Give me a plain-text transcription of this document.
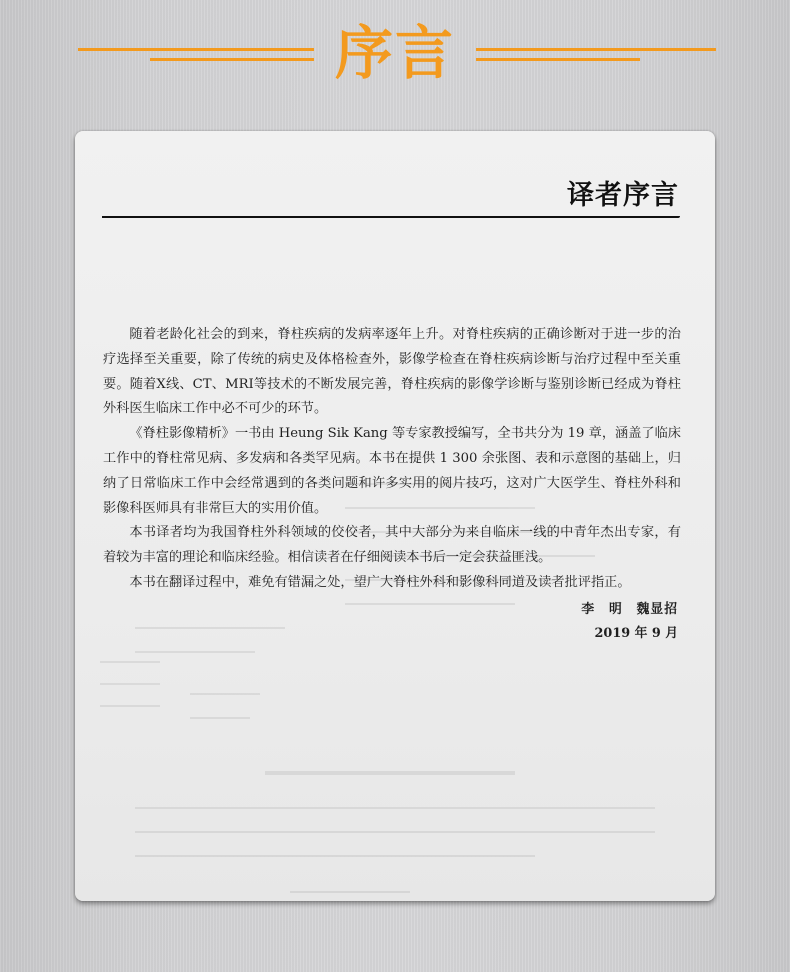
序言
译者序言

随着老龄化社会的到来，脊柱疾病的发病率逐年上升。对脊柱疾病的正确诊断对于进一步的治疗选择至关重要，除了传统的病史及体格检查外，影像学检查在脊柱疾病诊断与治疗过程中至关重要。随着X线、CT、MRI等技术的不断发展完善，脊柱疾病的影像学诊断与鉴别诊断已经成为脊柱外科医生临床工作中必不可少的环节。

《脊柱影像精析》一书由 Heung Sik Kang 等专家教授编写，全书共分为 19 章，涵盖了临床工作中的脊柱常见病、多发病和各类罕见病。本书在提供 1 300 余张图、表和示意图的基础上，归纳了日常临床工作中会经常遇到的各类问题和许多实用的阅片技巧，这对广大医学生、脊柱外科和影像科医师具有非常巨大的实用价值。

本书译者均为我国脊柱外科领域的佼佼者，其中大部分为来自临床一线的中青年杰出专家，有着较为丰富的理论和临床经验。相信读者在仔细阅读本书后一定会获益匪浅。

本书在翻译过程中，难免有错漏之处，望广大脊柱外科和影像科同道及读者批评指正。

李　明　魏显招
2019 年 9 月
